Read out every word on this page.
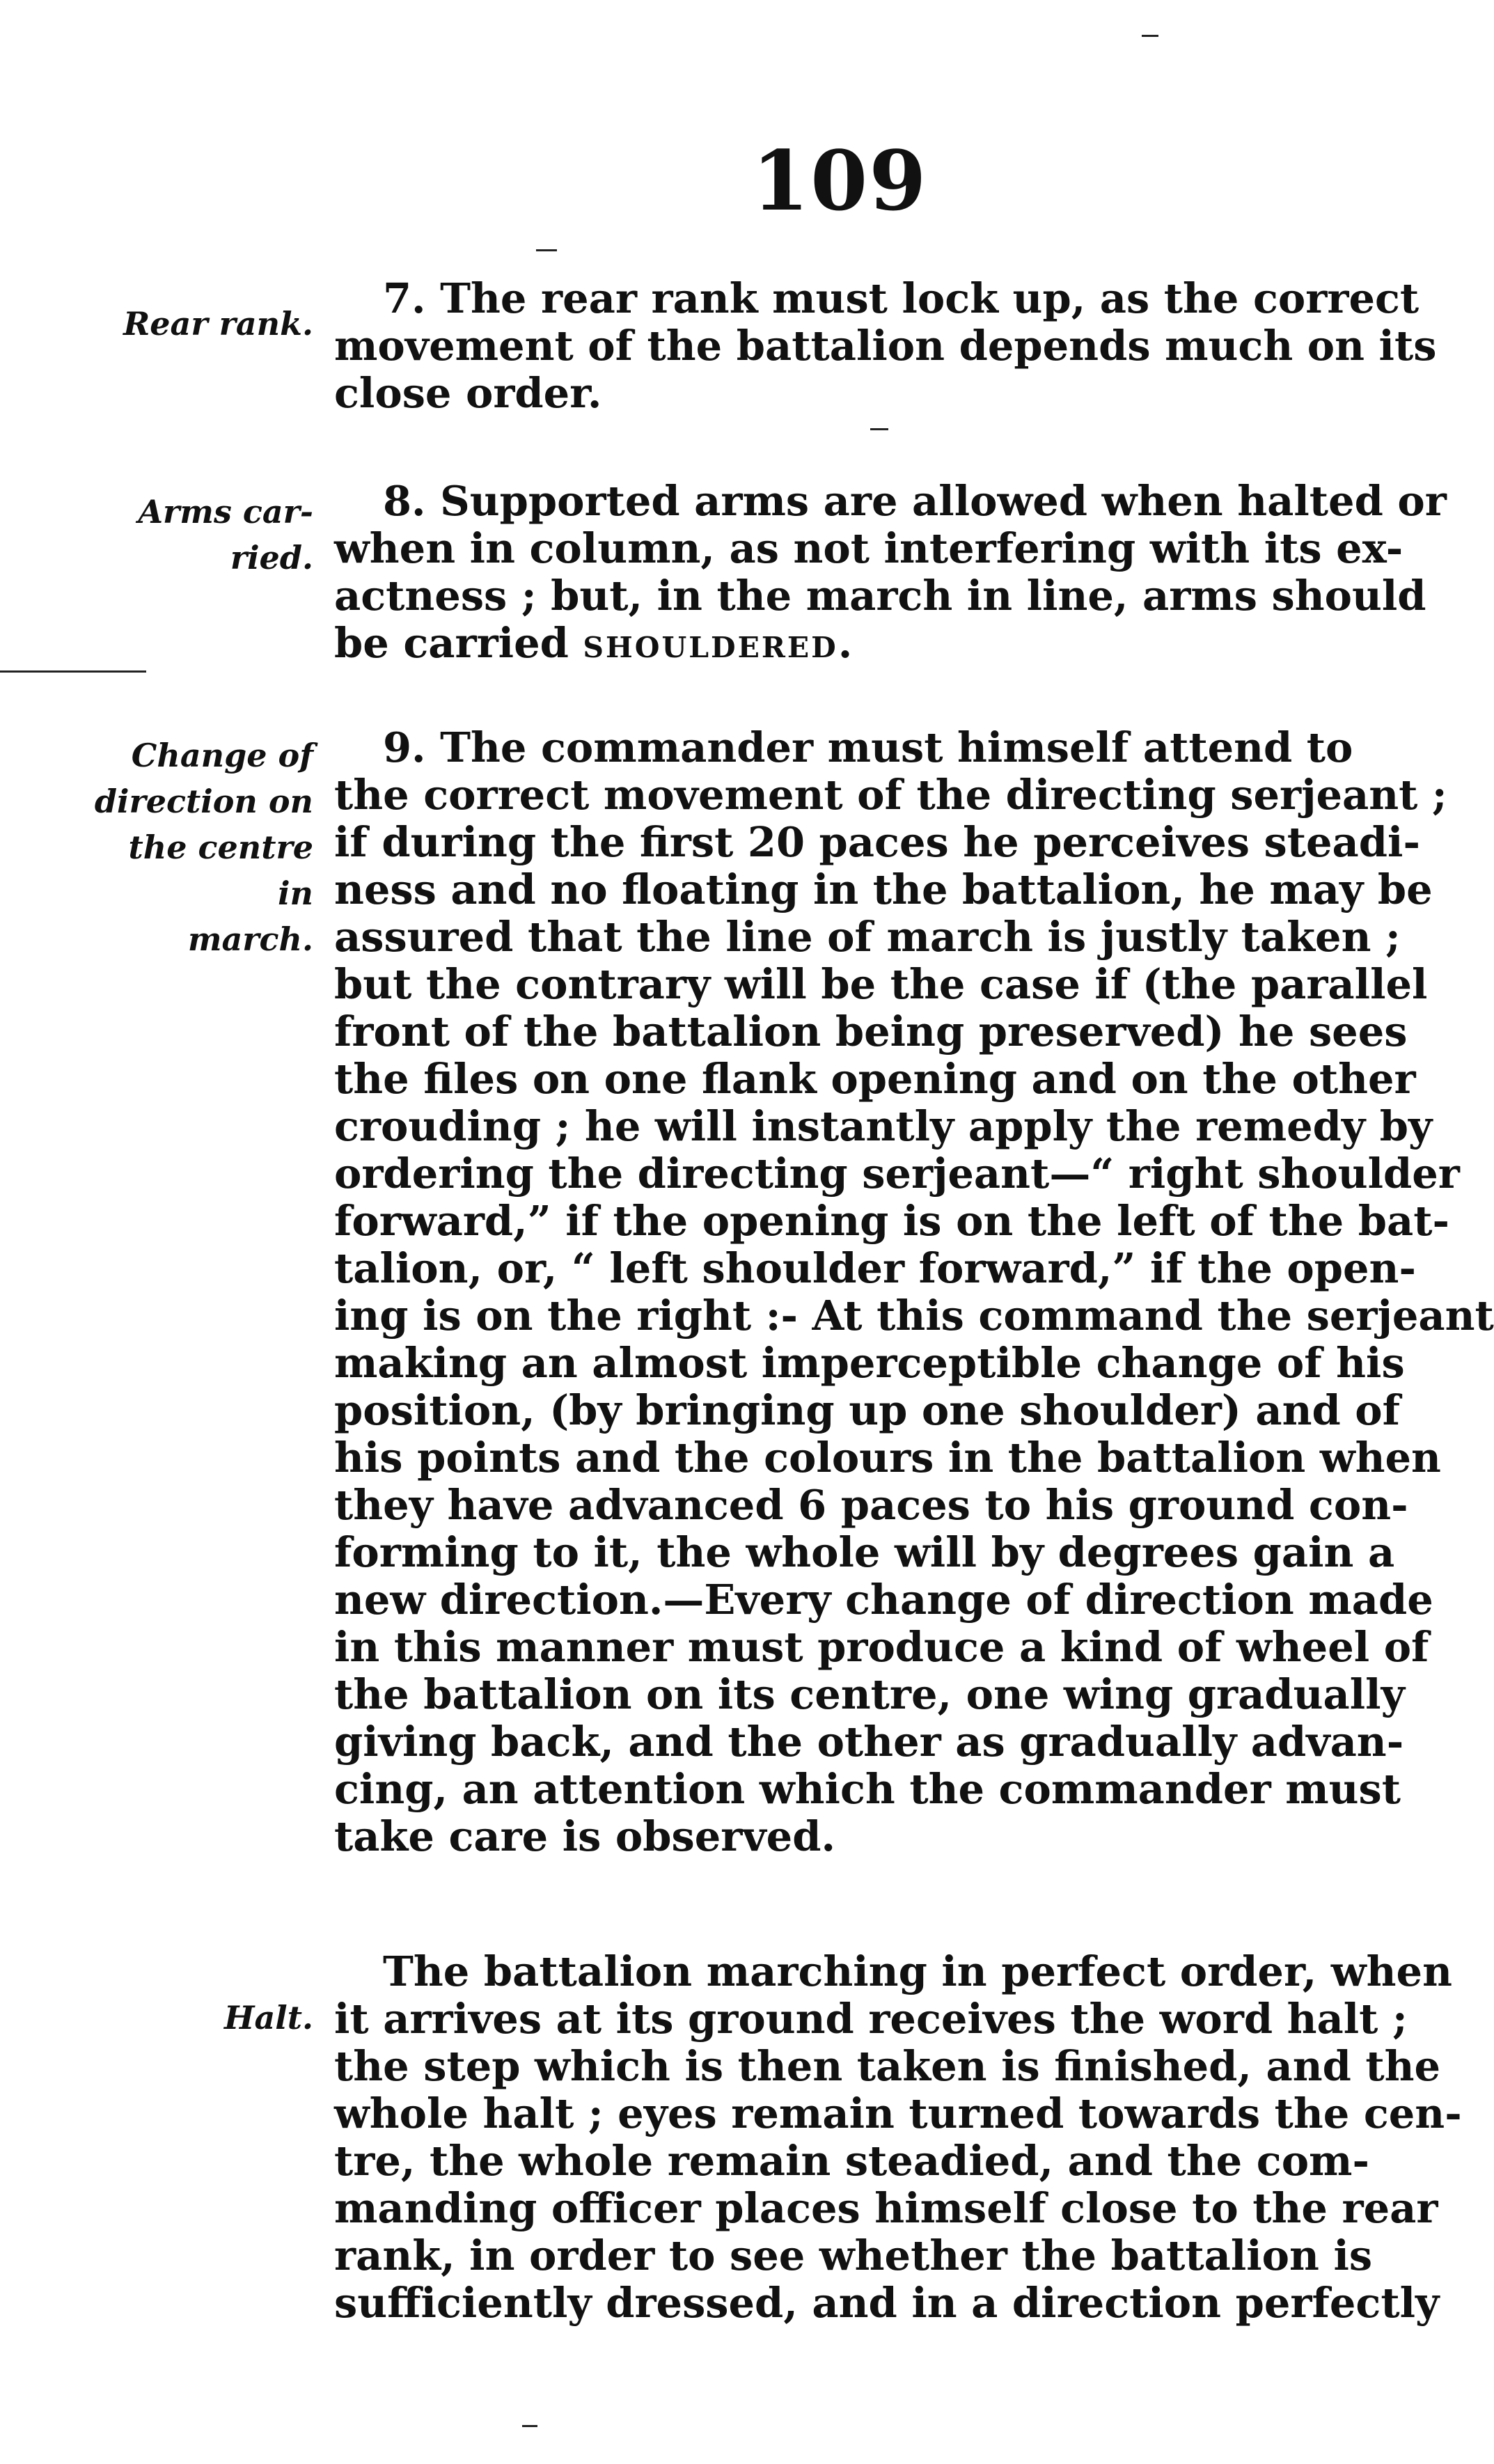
109
Rear rank.
Arms car-
ried.
Change of
direction on
the centre in
march.
Halt.
7. The rear rank must lock up, as the correct
movement of the battalion depends much on its
close order.
8. Supported arms are allowed when halted or
when in column, as not interfering with its ex-
actness ; but, in the march in line, arms should
be carried shouldered.
9. The commander must himself attend to
the correct movement of the directing serjeant ;
if during the first 20 paces he perceives steadi-
ness and no floating in the battalion, he may be
assured that the line of march is justly taken ;
but the contrary will be the case if (the parallel
front of the battalion being preserved) he sees
the files on one flank opening and on the other
crouding ; he will instantly apply the remedy by
ordering the directing serjeant—“ right shoulder
forward,” if the opening is on the left of the bat-
talion, or, “ left shoulder forward,” if the open-
ing is on the right :- At this command the serjeant
making an almost imperceptible change of his
position, (by bringing up one shoulder) and of
his points and the colours in the battalion when
they have advanced 6 paces to his ground con-
forming to it, the whole will by degrees gain a
new direction.—Every change of direction made
in this manner must produce a kind of wheel of
the battalion on its centre, one wing gradually
giving back, and the other as gradually advan-
cing, an attention which the commander must
take care is observed.
The battalion marching in perfect order, when
it arrives at its ground receives the word halt ;
the step which is then taken is finished, and the
whole halt ; eyes remain turned towards the cen-
tre, the whole remain steadied, and the com-
manding officer places himself close to the rear
rank, in order to see whether the battalion is
sufficiently dressed, and in a direction perfectly
